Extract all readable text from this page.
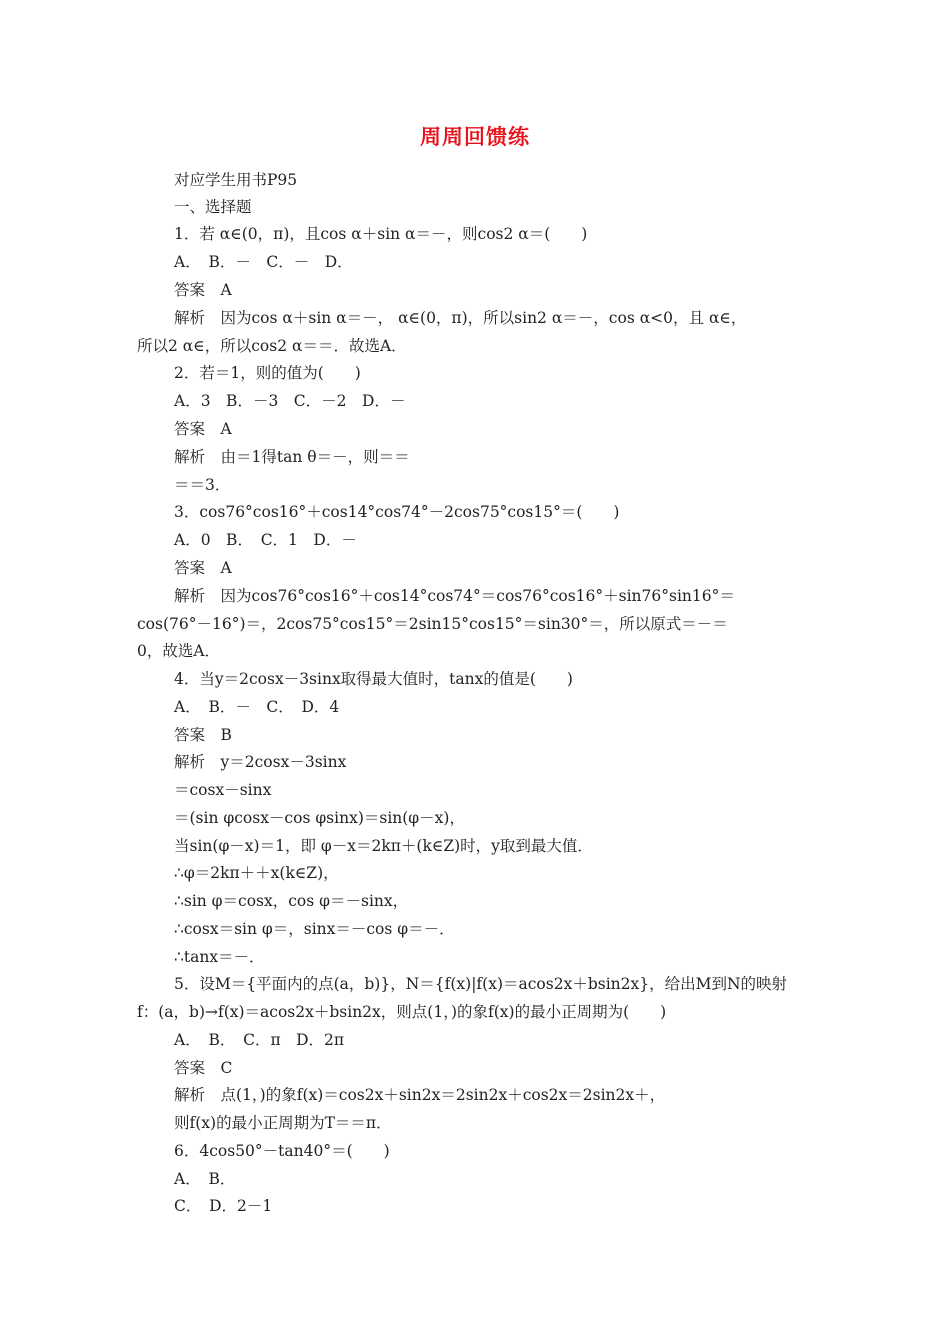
周周回馈练
对应学生用书P95
一、选择题
1．若 α∈(0，π)，且cos α＋sin α＝－，则cos2 α＝(　　)
A．　B．－　C．－　D．
答案　A
解析　因为cos α＋sin α＝－， α∈(0，π)，所以sin2 α＝－，cos α<0，且 α∈，
所以2 α∈，所以cos2 α＝＝．故选A．
2．若＝1，则的值为(　　)
A．3　B．－3　C．－2　D．－
答案　A
解析　由＝1得tan θ＝－，则＝＝
＝＝3．
3．cos76°cos16°＋cos14°cos74°－2cos75°cos15°＝(　　)
A．0　B．　C．1　D．－
答案　A
解析　因为cos76°cos16°＋cos14°cos74°＝cos76°cos16°＋sin76°sin16°＝
cos(76°－16°)＝，2cos75°cos15°＝2sin15°cos15°＝sin30°＝，所以原式＝－＝
0，故选A．
4．当y＝2cosx－3sinx取得最大值时，tanx的值是(　　)
A．　B．－　C．　D．4
答案　B
解析　y＝2cosx－3sinx
＝cosx－sinx
＝(sin φcosx－cos φsinx)＝sin(φ－x)，
当sin(φ－x)＝1，即 φ－x＝2kπ＋(k∈Z)时，y取到最大值．
∴φ＝2kπ＋＋x(k∈Z)，
∴sin φ＝cosx，cos φ＝－sinx，
∴cosx＝sin φ＝，sinx＝－cos φ＝－．
∴tanx＝－．
5．设M＝{平面内的点(a，b)}，N＝{f(x)|f(x)＝acos2x＋bsin2x}，给出M到N的映射
f：(a，b)→f(x)＝acos2x＋bsin2x，则点(1，)的象f(x)的最小正周期为(　　)
A．　B．　C．π　D．2π
答案　C
解析　点(1，)的象f(x)＝cos2x＋sin2x＝2sin2x＋cos2x＝2sin2x＋，
则f(x)的最小正周期为T＝＝π．
6．4cos50°－tan40°＝(　　)
A．　B．
C．　D．2－1
